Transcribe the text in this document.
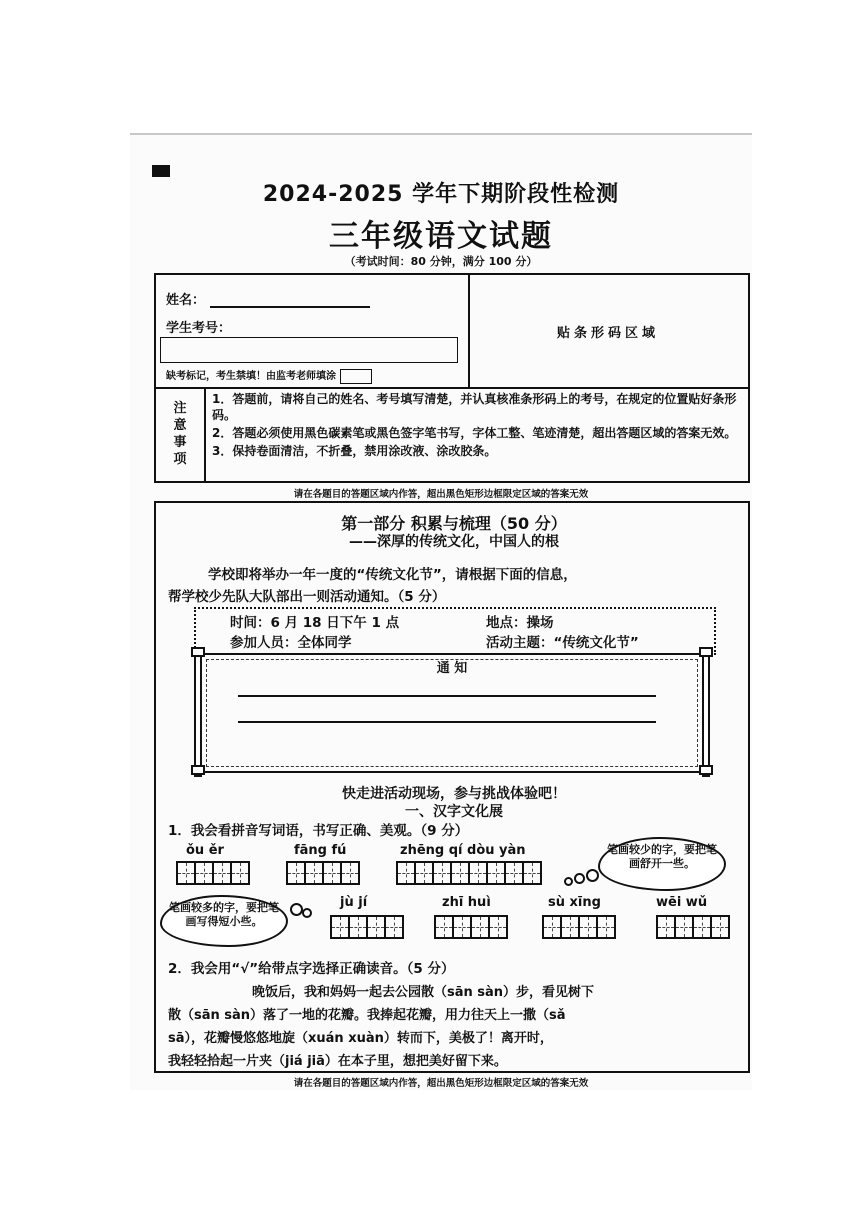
2024-2025 学年下期阶段性检测
三年级语文试题
（考试时间：80 分钟，满分 100 分）
姓名：
学生考号：
缺考标记，考生禁填！由监考老师填涂
贴条形码区域
注
意
事
项
1．答题前，请将自己的姓名、考号填写清楚，并认真核准条形码上的考号，在规定的位置贴好条形码。
2．答题必须使用黑色碳素笔或黑色签字笔书写，字体工整、笔迹清楚，超出答题区域的答案无效。
3．保持卷面清洁，不折叠，禁用涂改液、涂改胶条。
请在各题目的答题区域内作答，超出黑色矩形边框限定区域的答案无效
第一部分 积累与梳理（50 分）
——深厚的传统文化，中国人的根
学校即将举办一年一度的“传统文化节”，请根据下面的信息，
帮学校少先队大队部出一则活动通知。（5 分）
时间：6 月 18 日下午 1 点	地点：操场
参加人员：全体同学	活动主题：“传统文化节”
通 知
快走进活动现场，参与挑战体验吧！
一、汉字文化展
1．我会看拼音写词语，书写正确、美观。（9 分）
ǒu ěr	fāng fú	zhēng qí dòu yàn	笔画较少的字，要把笔画舒开一些。
笔画较多的字，要把笔画写得短小些。
jù jí	zhī huì	sù xīng	wēi wǔ
2．我会用“√”给带点字选择正确读音。（5 分）
晚饭后，我和妈妈一起去公园散（sān sàn）步，看见树下
散（sān sàn）落了一地的花瓣。我捧起花瓣，用力往天上一撒（sǎ
sā），花瓣慢悠悠地旋（xuán xuàn）转而下，美极了！离开时，
我轻轻拾起一片夹（jiá jiā）在本子里，想把美好留下来。
请在各题目的答题区域内作答，超出黑色矩形边框限定区域的答案无效
